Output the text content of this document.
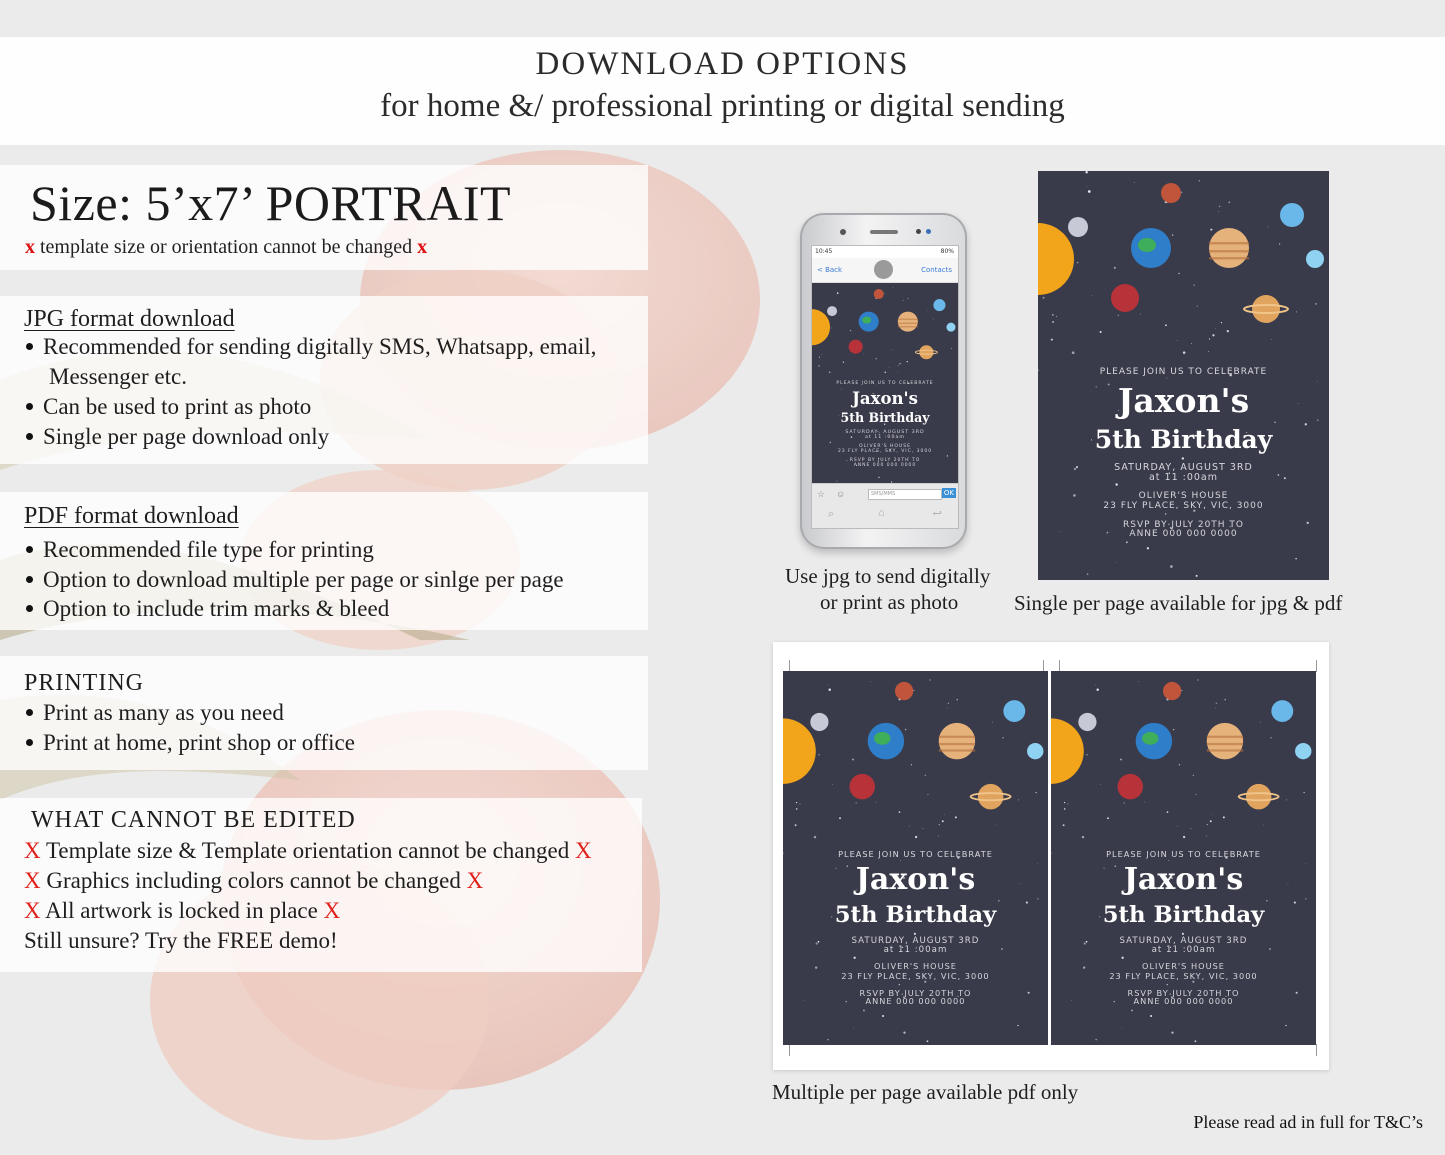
DOWNLOAD OPTIONS
for home &/ professional printing or digital sending
Size: 5’x7’ PORTRAIT
x template size or orientation cannot be changed x
JPG format download
Recommended for sending digitally SMS, Whatsapp, email,
Messenger etc.
Can be used to print as photo
Single per page download only
PDF format download
Recommended file type for printing
Option to download multiple per page or sinlge per page
Option to include trim marks & bleed
PRINTING
Print as many as you need
Print at home, print shop or office
WHAT CANNOT BE EDITED
X Template size & Template orientation cannot be changed X
X Graphics including colors cannot be changed X
X All artwork is locked in place X
Still unsure? Try the FREE demo!
10:45	80%
< Back	Contacts
PLEASE JOIN US TO CELEBRATE
Jaxon's
5th Birthday
SATURDAY, AUGUST 3RD
at 11 :00am
OLIVER'S HOUSE
23 FLY PLACE, SKY, VIC, 3000
RSVP BY JULY 20TH TO
ANNE 000 000 0000
☆ ☺	SMS/MMS	OK
⌕	⌂	↩
Use jpg to send digitally
or print as photo
PLEASE JOIN US TO CELEBRATE
Jaxon's
5th Birthday
SATURDAY, AUGUST 3RD
at 11 :00am
OLIVER'S HOUSE
23 FLY PLACE, SKY, VIC, 3000
RSVP BY JULY 20TH TO
ANNE 000 000 0000
Single per page available for jpg & pdf
PLEASE JOIN US TO CELEBRATE
Jaxon's
5th Birthday
SATURDAY, AUGUST 3RD
at 11 :00am
OLIVER'S HOUSE
23 FLY PLACE, SKY, VIC, 3000
RSVP BY JULY 20TH TO
ANNE 000 000 0000
PLEASE JOIN US TO CELEBRATE
Jaxon's
5th Birthday
SATURDAY, AUGUST 3RD
at 11 :00am
OLIVER'S HOUSE
23 FLY PLACE, SKY, VIC, 3000
RSVP BY JULY 20TH TO
ANNE 000 000 0000
Multiple per page available pdf only
Please read ad in full for T&C’s
